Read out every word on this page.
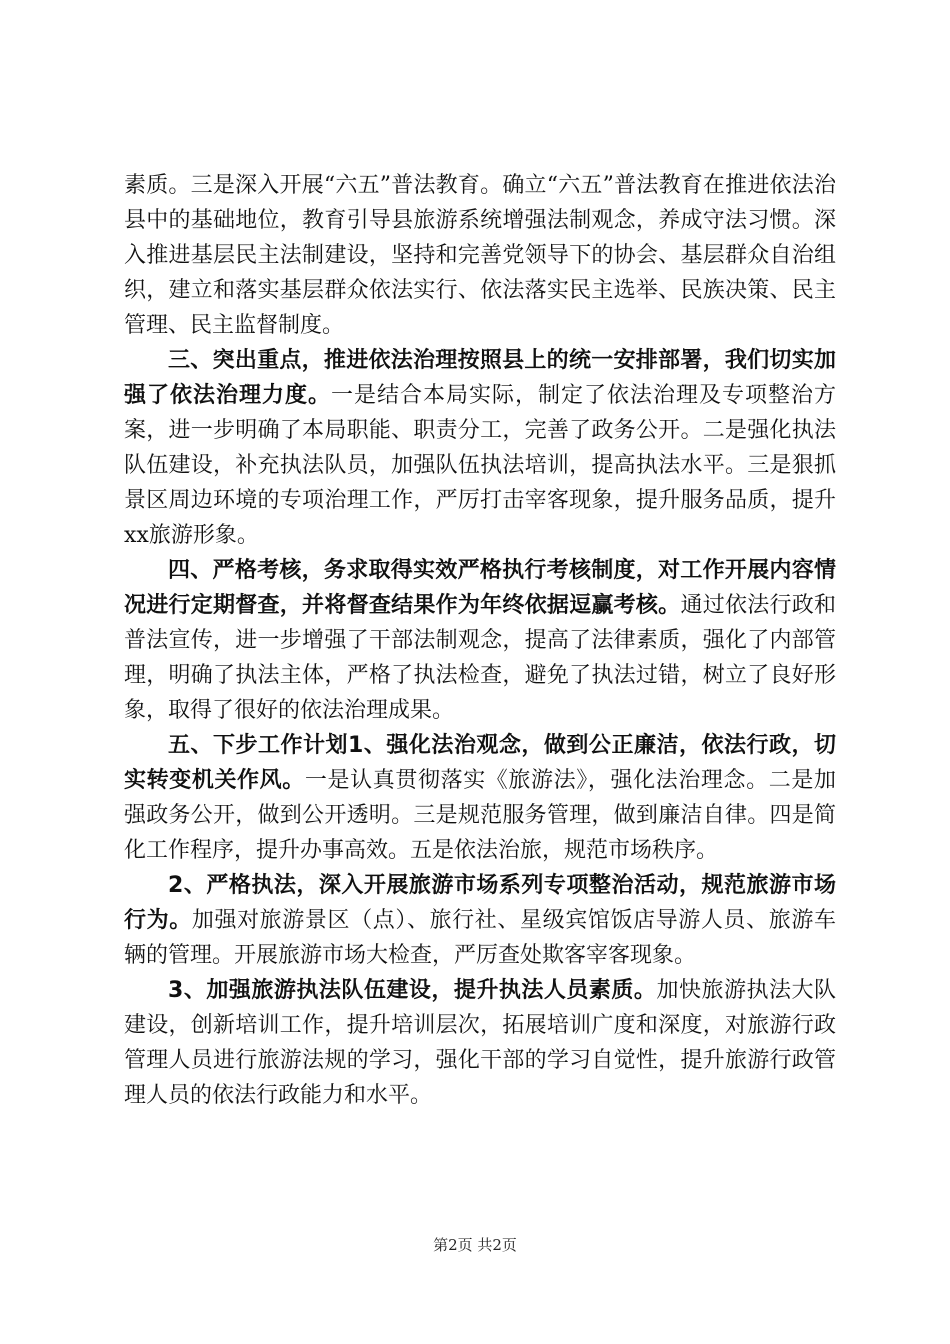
素质。三是深入开展“六五”普法教育。确立“六五”普法教育在推进依法治县中的基础地位，教育引导县旅游系统增强法制观念，养成守法习惯。深入推进基层民主法制建设，坚持和完善党领导下的协会、基层群众自治组织，建立和落实基层群众依法实行、依法落实民主选举、民族决策、民主管理、民主监督制度。

三、突出重点，推进依法治理按照县上的统一安排部署，我们切实加强了依法治理力度。一是结合本局实际，制定了依法治理及专项整治方案，进一步明确了本局职能、职责分工，完善了政务公开。二是强化执法队伍建设，补充执法队员，加强队伍执法培训，提高执法水平。三是狠抓景区周边环境的专项治理工作，严厉打击宰客现象，提升服务品质，提升xx旅游形象。

四、严格考核，务求取得实效严格执行考核制度，对工作开展内容情况进行定期督查，并将督查结果作为年终依据逗赢考核。通过依法行政和普法宣传，进一步增强了干部法制观念，提高了法律素质，强化了内部管理，明确了执法主体，严格了执法检查，避免了执法过错，树立了良好形象，取得了很好的依法治理成果。

五、下步工作计划1、强化法治观念，做到公正廉洁，依法行政，切实转变机关作风。一是认真贯彻落实《旅游法》，强化法治理念。二是加强政务公开，做到公开透明。三是规范服务管理，做到廉洁自律。四是简化工作程序，提升办事高效。五是依法治旅，规范市场秩序。

2、严格执法，深入开展旅游市场系列专项整治活动，规范旅游市场行为。加强对旅游景区（点）、旅行社、星级宾馆饭店导游人员、旅游车辆的管理。开展旅游市场大检查，严厉查处欺客宰客现象。

3、加强旅游执法队伍建设，提升执法人员素质。加快旅游执法大队建设，创新培训工作，提升培训层次，拓展培训广度和深度，对旅游行政管理人员进行旅游法规的学习，强化干部的学习自觉性，提升旅游行政管理人员的依法行政能力和水平。

第2页 共2页
